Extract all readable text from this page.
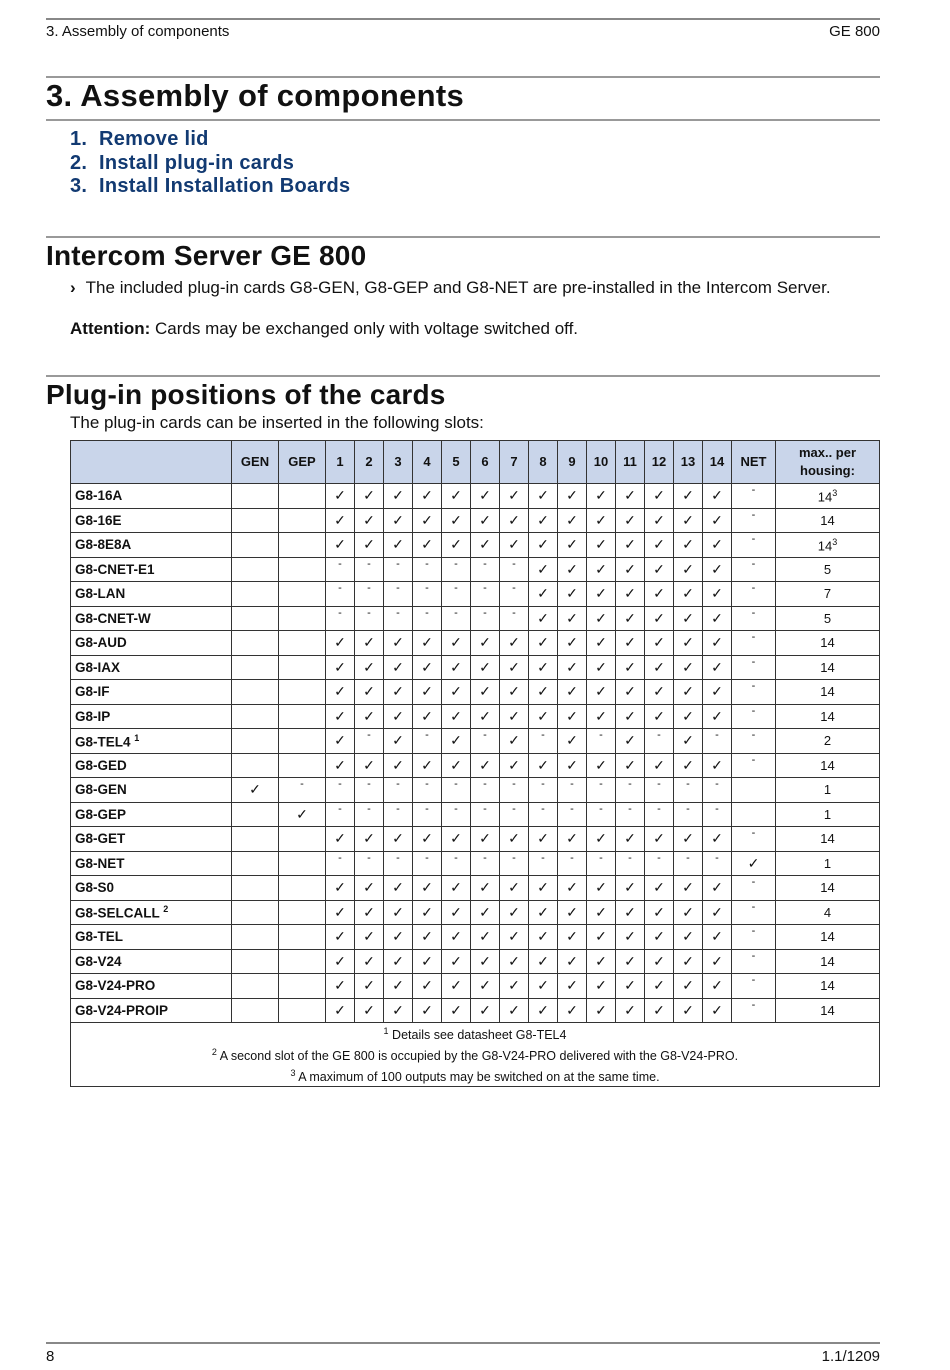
3. Assembly of components	GE 800
3. Assembly of components
1. Remove lid
2. Install plug-in cards
3. Install Installation Boards
Intercom Server GE 800
› The included plug-in cards G8-GEN, G8-GEP and G8-NET are pre-installed in the Intercom Server.
Attention: Cards may be exchanged only with voltage switched off.
Plug-in positions of the cards
The plug-in cards can be inserted in the following slots:
	GEN	GEP	1	2	3	4	5	6	7	8	9	10	11	12	13	14	NET	max.. per housing:
G8-16A			✓	✓	✓	✓	✓	✓	✓	✓	✓	✓	✓	✓	✓	✓	-	$14^3$
G8-16E			✓	✓	✓	✓	✓	✓	✓	✓	✓	✓	✓	✓	✓	✓	-	14
G8-8E8A			✓	✓	✓	✓	✓	✓	✓	✓	✓	✓	✓	✓	✓	✓	-	$14^3$
G8-CNET-E1			-	-	-	-	-	-	-	✓	✓	✓	✓	✓	✓	✓	-	5
G8-LAN			-	-	-	-	-	-	-	✓	✓	✓	✓	✓	✓	✓	-	7
G8-CNET-W			-	-	-	-	-	-	-	✓	✓	✓	✓	✓	✓	✓	-	5
G8-AUD			✓	✓	✓	✓	✓	✓	✓	✓	✓	✓	✓	✓	✓	✓	-	14
G8-IAX			✓	✓	✓	✓	✓	✓	✓	✓	✓	✓	✓	✓	✓	✓	-	14
G8-IF			✓	✓	✓	✓	✓	✓	✓	✓	✓	✓	✓	✓	✓	✓	-	14
G8-IP			✓	✓	✓	✓	✓	✓	✓	✓	✓	✓	✓	✓	✓	✓	-	14
G8-TEL4 $^1$			✓	-	✓	-	✓	-	✓	-	✓	-	✓	-	✓	-	-	2
G8-GED			✓	✓	✓	✓	✓	✓	✓	✓	✓	✓	✓	✓	✓	✓	-	14
G8-GEN	✓	-	-	-	-	-	-	-	-	-	-	-	-	-	-	-		1
G8-GEP		✓	-	-	-	-	-	-	-	-	-	-	-	-	-	-		1
G8-GET			✓	✓	✓	✓	✓	✓	✓	✓	✓	✓	✓	✓	✓	✓	-	14
G8-NET			-	-	-	-	-	-	-	-	-	-	-	-	-	-	✓	1
G8-S0			✓	✓	✓	✓	✓	✓	✓	✓	✓	✓	✓	✓	✓	✓	-	14
G8-SELCALL $^2$			✓	✓	✓	✓	✓	✓	✓	✓	✓	✓	✓	✓	✓	✓	-	4
G8-TEL			✓	✓	✓	✓	✓	✓	✓	✓	✓	✓	✓	✓	✓	✓	-	14
G8-V24			✓	✓	✓	✓	✓	✓	✓	✓	✓	✓	✓	✓	✓	✓	-	14
G8-V24-PRO			✓	✓	✓	✓	✓	✓	✓	✓	✓	✓	✓	✓	✓	✓	-	14
G8-V24-PROIP			✓	✓	✓	✓	✓	✓	✓	✓	✓	✓	✓	✓	✓	✓	-	14

$^1$ Details see datasheet G8-TEL4
$^2$ A second slot of the GE 800 is occupied by the G8-V24-PRO delivered with the G8-V24-PRO.
$^3$ A maximum of 100 outputs may be switched on at the same time.																		
8	1.1/1209
